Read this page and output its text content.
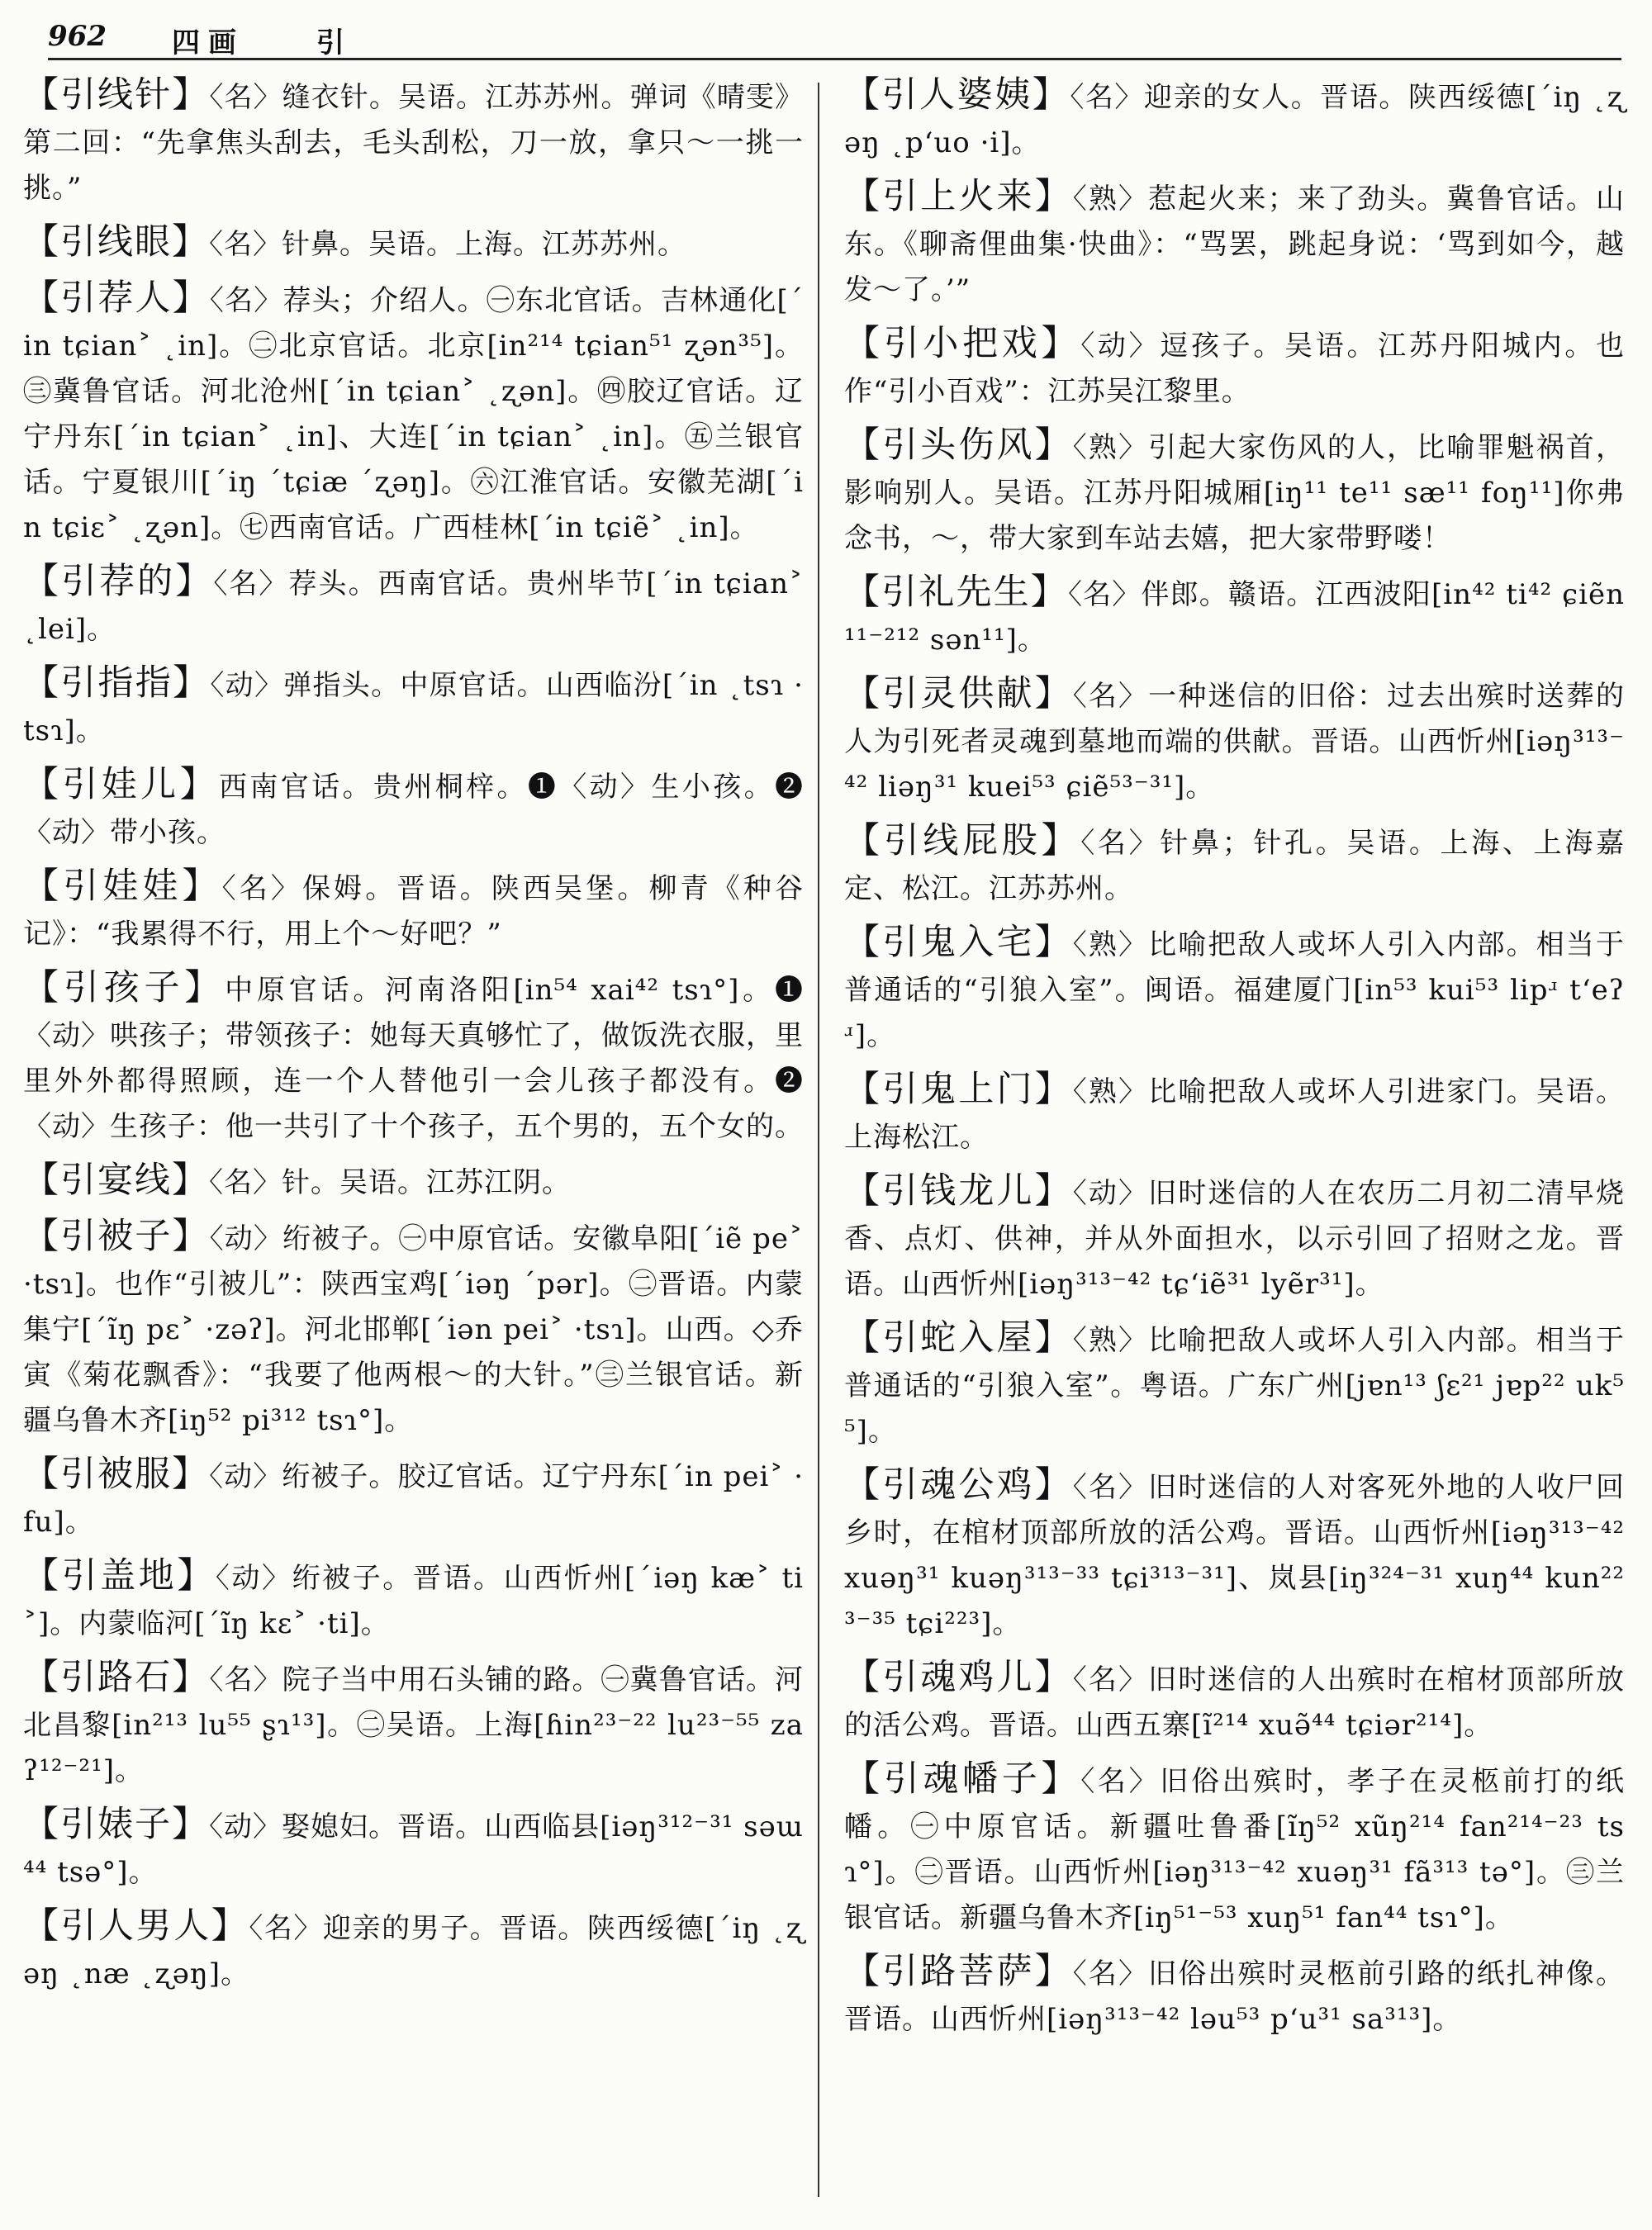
962 四画	引
【引线针】〈名〉缝衣针。吴语。江苏苏州。弹词《晴雯》第二回：“先拿焦头刮去，毛头刮松，刀一放，拿只～一挑一挑。”
【引线眼】〈名〉针鼻。吴语。上海。江苏苏州。
【引荐人】〈名〉荐头；介绍人。㊀东北官话。吉林通化[ˊin tɕian˃ ˛in]。㊁北京官话。北京[in²¹⁴ tɕian⁵¹ ʐən³⁵]。㊂冀鲁官话。河北沧州[ˊin tɕian˃ ˛ʐən]。㊃胶辽官话。辽宁丹东[ˊin tɕian˃ ˛in]、大连[ˊin tɕian˃ ˛in]。㊄兰银官话。宁夏银川[ˊiŋ ˊtɕiæ ˊʐəŋ]。㊅江淮官话。安徽芜湖[ˊin tɕiɛ˃ ˛ʐən]。㊆西南官话。广西桂林[ˊin tɕiẽ˃ ˛in]。
【引荐的】〈名〉荐头。西南官话。贵州毕节[ˊin tɕian˃ ˛lei]。
【引指指】〈动〉弹指头。中原官话。山西临汾[ˊin ˛tsɿ ·tsɿ]。
【引娃儿】西南官话。贵州桐梓。❶〈动〉生小孩。❷〈动〉带小孩。
【引娃娃】〈名〉保姆。晋语。陕西吴堡。柳青《种谷记》：“我累得不行，用上个～好吧？”
【引孩子】中原官话。河南洛阳[in⁵⁴ xai⁴² tsɿ°]。❶〈动〉哄孩子；带领孩子：她每天真够忙了，做饭洗衣服，里里外外都得照顾，连一个人替他引一会儿孩子都没有。❷〈动〉生孩子：他一共引了十个孩子，五个男的，五个女的。
【引宴线】〈名〉针。吴语。江苏江阴。
【引被子】〈动〉绗被子。㊀中原官话。安徽阜阳[ˊiẽ pe˃ ·tsɿ]。也作“引被儿”：陕西宝鸡[ˊiəŋ ˊpər]。㊁晋语。内蒙集宁[ˊĩŋ pɛ˃ ·zəʔ]。河北邯郸[ˊiən pei˃ ·tsɿ]。山西。◇乔寅《菊花飘香》：“我要了他两根～的大针。”㊂兰银官话。新疆乌鲁木齐[iŋ⁵² pi³¹² tsɿ°]。
【引被服】〈动〉绗被子。胶辽官话。辽宁丹东[ˊin pei˃ ·fu]。
【引盖地】〈动〉绗被子。晋语。山西忻州[ˊiəŋ kæ˃ ti˃]。内蒙临河[ˊĩŋ kɛ˃ ·ti]。
【引路石】〈名〉院子当中用石头铺的路。㊀冀鲁官话。河北昌黎[in²¹³ lu⁵⁵ ʂɿ¹³]。㊁吴语。上海[ɦin²³⁻²² lu²³⁻⁵⁵ zaʔ¹²⁻²¹]。
【引婊子】〈动〉娶媳妇。晋语。山西临县[iəŋ³¹²⁻³¹ səɯ⁴⁴ tsə°]。
【引人男人】〈名〉迎亲的男子。晋语。陕西绥德[ˊiŋ ˛ʐəŋ ˛næ ˛ʐəŋ]。
【引人婆姨】〈名〉迎亲的女人。晋语。陕西绥德[ˊiŋ ˛ʐəŋ ˛pʻuo ·i]。
【引上火来】〈熟〉惹起火来；来了劲头。冀鲁官话。山东。《聊斋俚曲集·快曲》：“骂罢，跳起身说：‘骂到如今，越发～了。’”
【引小把戏】〈动〉逗孩子。吴语。江苏丹阳城内。也作“引小百戏”：江苏吴江黎里。
【引头伤风】〈熟〉引起大家伤风的人，比喻罪魁祸首，影响别人。吴语。江苏丹阳城厢[iŋ¹¹ te¹¹ sæ¹¹ foŋ¹¹]你弗念书，～，带大家到车站去嬉，把大家带野喽！
【引礼先生】〈名〉伴郎。赣语。江西波阳[in⁴² ti⁴² ɕiẽn¹¹⁻²¹² sən¹¹]。
【引灵供献】〈名〉一种迷信的旧俗：过去出殡时送葬的人为引死者灵魂到墓地而端的供献。晋语。山西忻州[iəŋ³¹³⁻⁴² liəŋ³¹ kuei⁵³ ɕiẽ⁵³⁻³¹]。
【引线屁股】〈名〉针鼻；针孔。吴语。上海、上海嘉定、松江。江苏苏州。
【引鬼入宅】〈熟〉比喻把敌人或坏人引入内部。相当于普通话的“引狼入室”。闽语。福建厦门[in⁵³ kui⁵³ lipʴ tʻeʔʴ]。
【引鬼上门】〈熟〉比喻把敌人或坏人引进家门。吴语。上海松江。
【引钱龙儿】〈动〉旧时迷信的人在农历二月初二清早烧香、点灯、供神，并从外面担水，以示引回了招财之龙。晋语。山西忻州[iəŋ³¹³⁻⁴² tɕʻiẽ³¹ lyẽr³¹]。
【引蛇入屋】〈熟〉比喻把敌人或坏人引入内部。相当于普通话的“引狼入室”。粤语。广东广州[jɐn¹³ ʃɛ²¹ jɐp²² uk⁵⁵]。
【引魂公鸡】〈名〉旧时迷信的人对客死外地的人收尸回乡时，在棺材顶部所放的活公鸡。晋语。山西忻州[iəŋ³¹³⁻⁴² xuəŋ³¹ kuəŋ³¹³⁻³³ tɕi³¹³⁻³¹]、岚县[iŋ³²⁴⁻³¹ xuŋ⁴⁴ kun²²³⁻³⁵ tɕi²²³]。
【引魂鸡儿】〈名〉旧时迷信的人出殡时在棺材顶部所放的活公鸡。晋语。山西五寨[ĩ²¹⁴ xuə̃⁴⁴ tɕiər²¹⁴]。
【引魂幡子】〈名〉旧俗出殡时，孝子在灵柩前打的纸幡。㊀中原官话。新疆吐鲁番[ĩŋ⁵² xũŋ²¹⁴ fan²¹⁴⁻²³ tsɿ°]。㊁晋语。山西忻州[iəŋ³¹³⁻⁴² xuəŋ³¹ fã³¹³ tə°]。㊂兰银官话。新疆乌鲁木齐[iŋ⁵¹⁻⁵³ xuŋ⁵¹ fan⁴⁴ tsɿ°]。
【引路菩萨】〈名〉旧俗出殡时灵柩前引路的纸扎神像。晋语。山西忻州[iəŋ³¹³⁻⁴² ləu⁵³ pʻu³¹ sa³¹³]。
